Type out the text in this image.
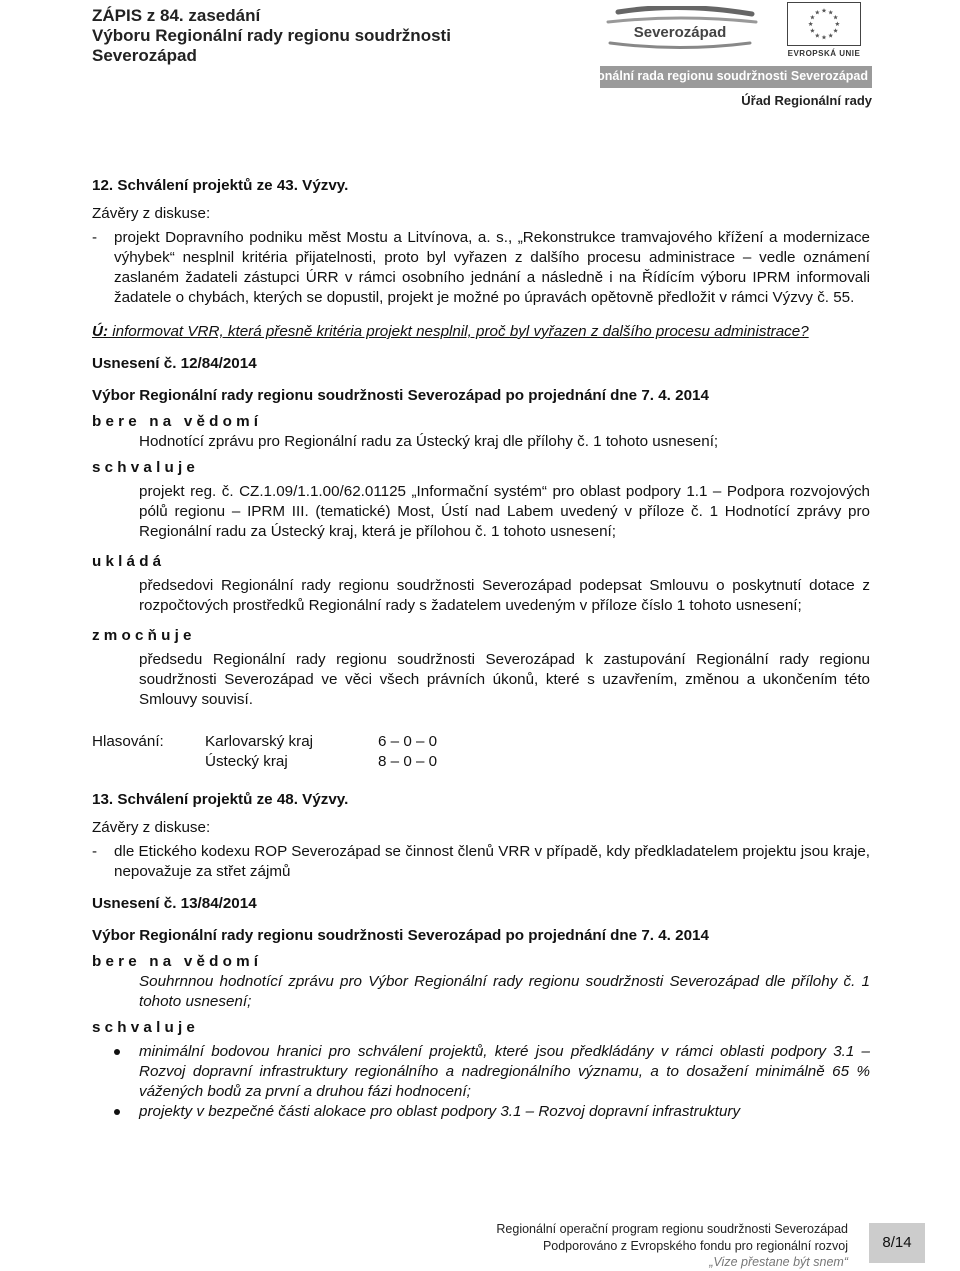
ZÁPIS z 84. zasedání
Výboru Regionální rady regionu soudržnosti
Severozápad
Severozápad
EVROPSKÁ UNIE
Regionální rada regionu soudržnosti Severozápad
Úřad Regionální rady

12. Schválení projektů ze 43. Výzvy.

Závěry z diskuse:

- projekt Dopravního podniku měst Mostu a Litvínova, a. s., „Rekonstrukce tramvajového křížení a modernizace výhybek“ nesplnil kritéria přijatelnosti, proto byl vyřazen z dalšího procesu administrace – vedle oznámení zaslaném žadateli zástupci ÚRR v rámci osobního jednání a následně i na Řídícím výboru IPRM informovali žadatele o chybách, kterých se dopustil, projekt je možné po úpravách opětovně předložit v rámci Výzvy č. 55.

Ú: informovat VRR, která přesně kritéria projekt nesplnil, proč byl vyřazen z dalšího procesu administrace?

Usnesení č. 12/84/2014

Výbor Regionální rady regionu soudržnosti Severozápad po projednání dne 7. 4. 2014

bere na vědomí

Hodnotící zprávu pro Regionální radu za Ústecký kraj dle přílohy č. 1 tohoto usnesení;

schvaluje

projekt reg. č. CZ.1.09/1.1.00/62.01125 „Informační systém“ pro oblast podpory 1.1 – Podpora rozvojových pólů regionu – IPRM III. (tematické) Most, Ústí nad Labem uvedený v příloze č. 1 Hodnotící zprávy pro Regionální radu za Ústecký kraj, která je přílohou č. 1 tohoto usnesení;

ukládá

předsedovi Regionální rady regionu soudržnosti Severozápad podepsat Smlouvu o poskytnutí dotace z rozpočtových prostředků Regionální rady s žadatelem uvedeným v příloze číslo 1 tohoto usnesení;

zmocňuje

předsedu Regionální rady regionu soudržnosti Severozápad k zastupování Regionální rady regionu soudržnosti Severozápad ve věci všech právních úkonů, které s uzavřením, změnou a ukončením této Smlouvy souvisí.

Hlasování:	Karlovarský kraj	6 – 0 – 0
Ústecký kraj	8 – 0 – 0

13. Schválení projektů ze 48. Výzvy.

Závěry z diskuse:

- dle Etického kodexu ROP Severozápad se činnost členů VRR v případě, kdy předkladatelem projektu jsou kraje, nepovažuje za střet zájmů

Usnesení č. 13/84/2014

Výbor Regionální rady regionu soudržnosti Severozápad po projednání dne 7. 4. 2014

bere na vědomí

Souhrnnou hodnotící zprávu pro Výbor Regionální rady regionu soudržnosti Severozápad dle přílohy č. 1 tohoto usnesení;

schvaluje

minimální bodovou hranici pro schválení projektů, které jsou předkládány v rámci oblasti podpory 3.1 – Rozvoj dopravní infrastruktury regionálního a nadregionálního významu, a to dosažení minimálně 65 % vážených bodů za první a druhou fázi hodnocení;
projekty v bezpečné části alokace pro oblast podpory 3.1 – Rozvoj dopravní infrastruktury
Regionální operační program regionu soudržnosti Severozápad
Podporováno z Evropského fondu pro regionální rozvoj
„Vize přestane být snem“
8/14
